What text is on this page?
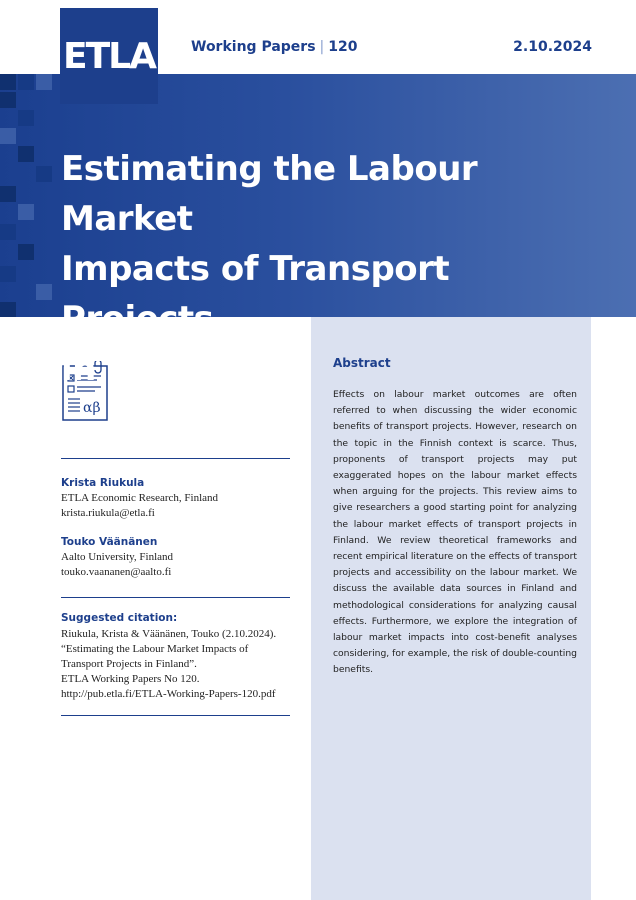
ETLA	Working Papers | 120	2.10.2024
Estimating the Labour Market
Impacts of Transport Projects
in Finland
αβ
Krista Riukula
ETLA Economic Research, Finland
krista.riukula@etla.fi
Touko Väänänen
Aalto University, Finland
touko.vaananen@aalto.fi
Suggested citation:
Riukula, Krista & Väänänen, Touko (2.10.2024).
“Estimating the Labour Market Impacts of
Transport Projects in Finland”.
ETLA Working Papers No 120.
http://pub.etla.fi/ETLA-Working-Papers-120.pdf
Abstract
Effects on labour market outcomes are often referred to when discussing the wider economic benefits of transport projects. However, research on the topic in the Finnish context is scarce. Thus, proponents of transport projects may put exaggerated hopes on the labour market effects when arguing for the projects. This review aims to give researchers a good starting point for analyzing the labour market effects of transport projects in Finland. We review theoretical frameworks and recent empirical literature on the effects of transport projects and accessibility on the labour market. We discuss the available data sources in Finland and methodological considerations for analyzing causal effects. Furthermore, we explore the integration of labour market impacts into cost-benefit analyses considering, for example, the risk of double-counting benefits.
